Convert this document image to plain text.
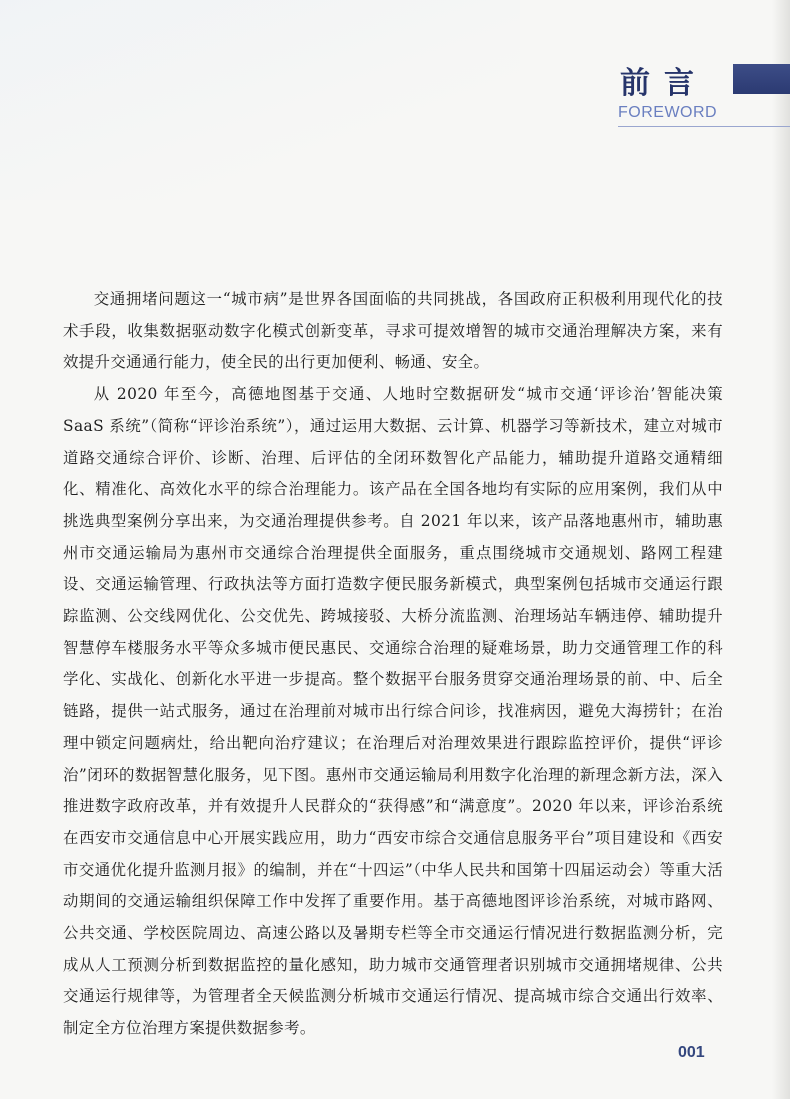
前言
FOREWORD

交通拥堵问题这一“城市病”是世界各国面临的共同挑战，各国政府正积极利用现代化的技术手段，收集数据驱动数字化模式创新变革，寻求可提效增智的城市交通治理解决方案，来有效提升交通通行能力，使全民的出行更加便利、畅通、安全。

从 2020 年至今，高德地图基于交通、人地时空数据研发“城市交通‘评诊治’智能决策SaaS 系统”（简称“评诊治系统”），通过运用大数据、云计算、机器学习等新技术，建立对城市道路交通综合评价、诊断、治理、后评估的全闭环数智化产品能力，辅助提升道路交通精细化、精准化、高效化水平的综合治理能力。该产品在全国各地均有实际的应用案例，我们从中挑选典型案例分享出来，为交通治理提供参考。自 2021 年以来，该产品落地惠州市，辅助惠州市交通运输局为惠州市交通综合治理提供全面服务，重点围绕城市交通规划、路网工程建设、交通运输管理、行政执法等方面打造数字便民服务新模式，典型案例包括城市交通运行跟踪监测、公交线网优化、公交优先、跨城接驳、大桥分流监测、治理场站车辆违停、辅助提升智慧停车楼服务水平等众多城市便民惠民、交通综合治理的疑难场景，助力交通管理工作的科学化、实战化、创新化水平进一步提高。整个数据平台服务贯穿交通治理场景的前、中、后全链路，提供一站式服务，通过在治理前对城市出行综合问诊，找准病因，避免大海捞针；在治理中锁定问题病灶，给出靶向治疗建议；在治理后对治理效果进行跟踪监控评价，提供“评诊治”闭环的数据智慧化服务，见下图。惠州市交通运输局利用数字化治理的新理念新方法，深入推进数字政府改革，并有效提升人民群众的“获得感”和“满意度”。2020 年以来，评诊治系统在西安市交通信息中心开展实践应用，助力“西安市综合交通信息服务平台”项目建设和《西安市交通优化提升监测月报》的编制，并在“十四运”（中华人民共和国第十四届运动会）等重大活动期间的交通运输组织保障工作中发挥了重要作用。基于高德地图评诊治系统，对城市路网、公共交通、学校医院周边、高速公路以及暑期专栏等全市交通运行情况进行数据监测分析，完成从人工预测分析到数据监控的量化感知，助力城市交通管理者识别城市交通拥堵规律、公共交通运行规律等，为管理者全天候监测分析城市交通运行情况、提高城市综合交通出行效率、制定全方位治理方案提供数据参考。

001
